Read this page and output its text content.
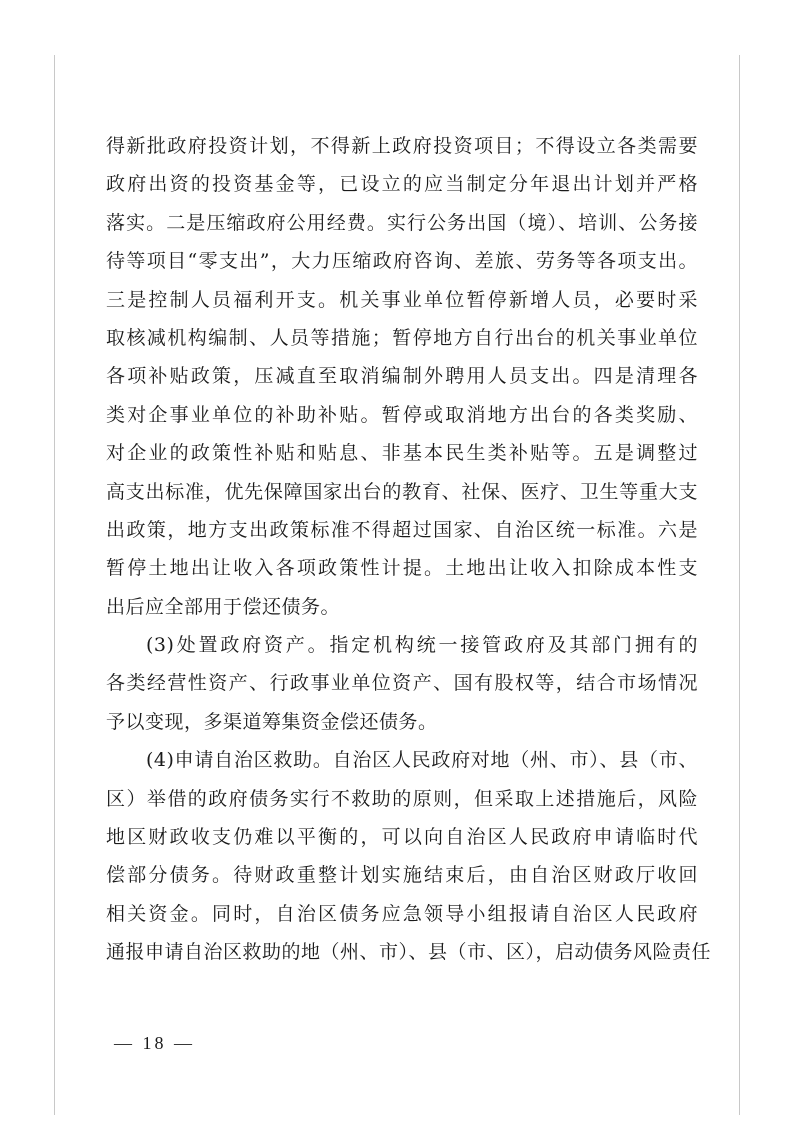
得新批政府投资计划，不得新上政府投资项目；不得设立各类需要
政府出资的投资基金等，已设立的应当制定分年退出计划并严格
落实。二是压缩政府公用经费。实行公务出国（境）、培训、公务接
待等项目“零支出”，大力压缩政府咨询、差旅、劳务等各项支出。
三是控制人员福利开支。机关事业单位暂停新增人员，必要时采
取核减机构编制、人员等措施；暂停地方自行出台的机关事业单位
各项补贴政策，压减直至取消编制外聘用人员支出。四是清理各
类对企事业单位的补助补贴。暂停或取消地方出台的各类奖励、
对企业的政策性补贴和贴息、非基本民生类补贴等。五是调整过
高支出标准，优先保障国家出台的教育、社保、医疗、卫生等重大支
出政策，地方支出政策标准不得超过国家、自治区统一标准。六是
暂停土地出让收入各项政策性计提。土地出让收入扣除成本性支
出后应全部用于偿还债务。
(3)处置政府资产。指定机构统一接管政府及其部门拥有的
各类经营性资产、行政事业单位资产、国有股权等，结合市场情况
予以变现，多渠道筹集资金偿还债务。
(4)申请自治区救助。自治区人民政府对地（州、市）、县（市、
区）举借的政府债务实行不救助的原则，但采取上述措施后，风险
地区财政收支仍难以平衡的，可以向自治区人民政府申请临时代
偿部分债务。待财政重整计划实施结束后，由自治区财政厅收回
相关资金。同时，自治区债务应急领导小组报请自治区人民政府
通报申请自治区救助的地（州、市）、县（市、区），启动债务风险责任
— 18 —
